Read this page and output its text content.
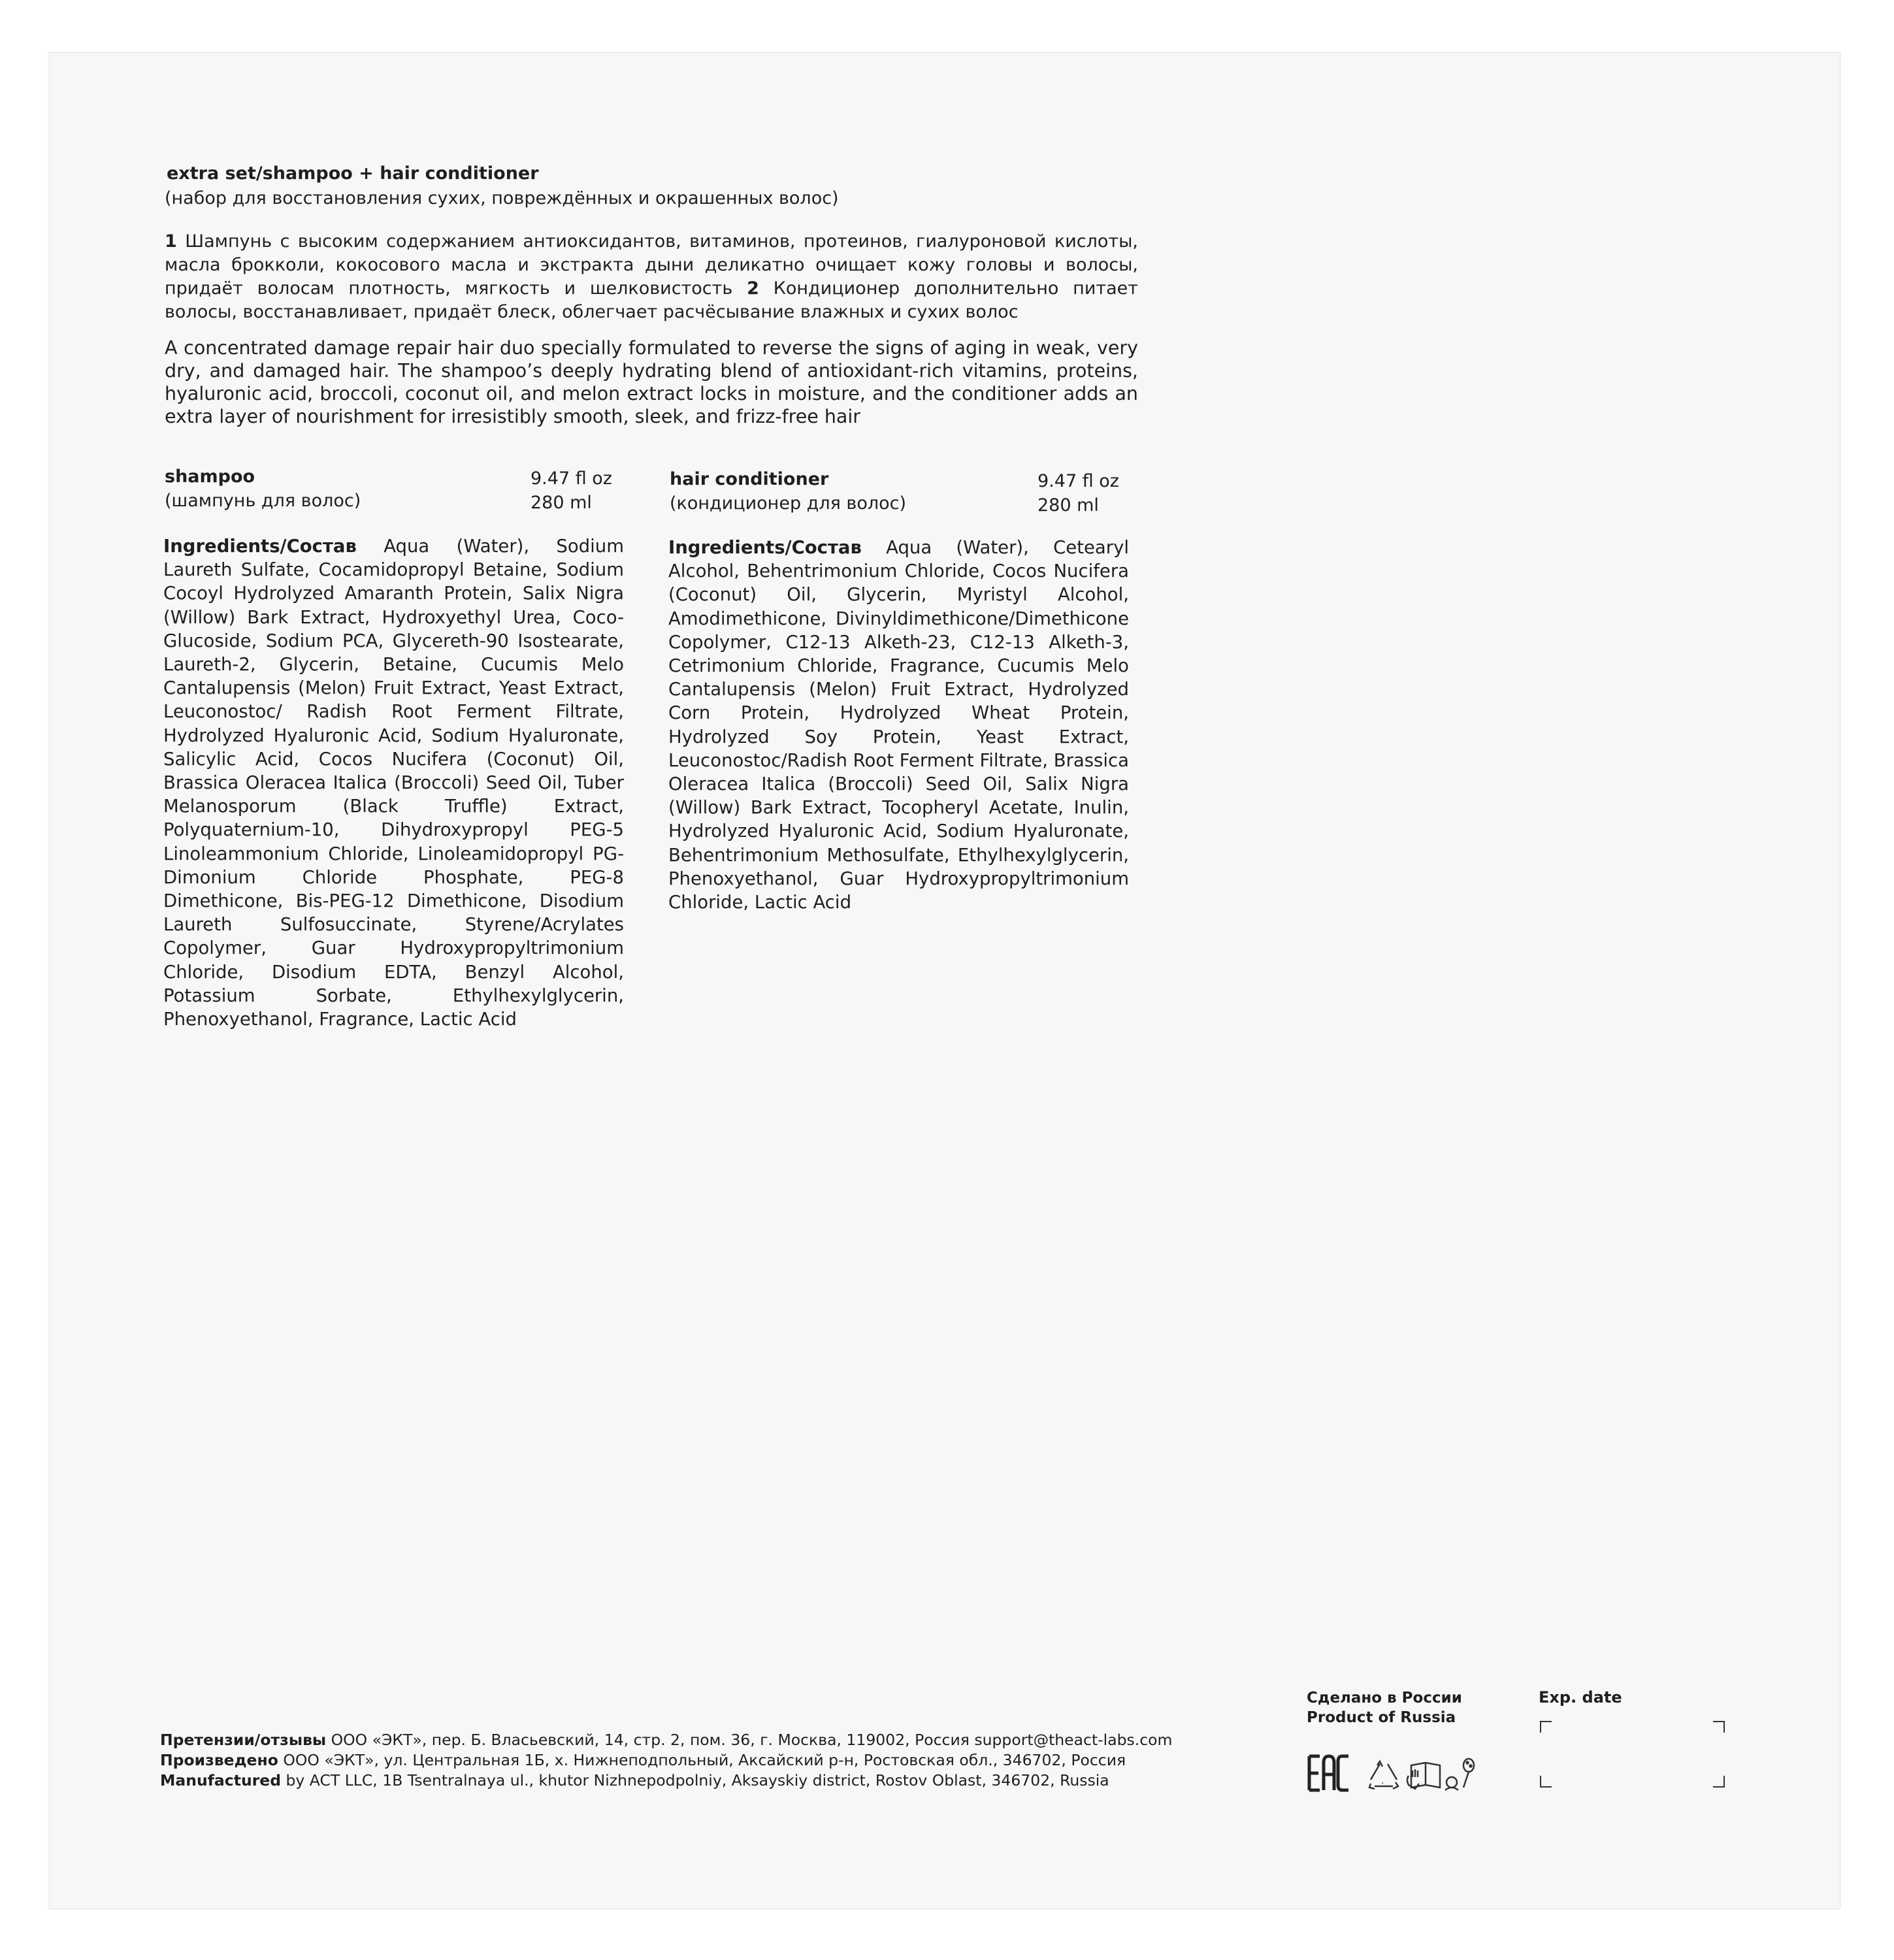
extra set/shampoo + hair conditioner
(набор для восстановления сухих, повреждённых и окрашенных волос)
1 Шампунь с высоким содержанием антиоксидантов, витаминов, протеинов, гиалуроновой кислоты, масла брокколи, кокосового масла и экстракта дыни деликатно очищает кожу головы и волосы, придаёт волосам плотность, мягкость и шелковистость 2 Кондиционер дополнительно питает волосы, восстанавливает, придаёт блеск, облегчает расчёсывание влажных и сухих волос
A concentrated damage repair hair duo specially formulated to reverse the signs of aging in weak, very dry, and damaged hair. The shampoo’s deeply hydrating blend of antioxidant-rich vitamins, proteins, hyaluronic acid, broccoli, coconut oil, and melon extract locks in moisture, and the conditioner adds an extra layer of nourishment for irresistibly smooth, sleek, and frizz-free hair
shampoo
(шампунь для волос)
9.47 fl oz
280 ml
Ingredients/Состав Aqua (Water), Sodium Laureth Sulfate, Cocamidopropyl Betaine, Sodium Cocoyl Hydrolyzed Amaranth Protein, Salix Nigra (Willow) Bark Extract, Hydroxyethyl Urea, Coco-Glucoside, Sodium PCA, Glycereth-90 Isostearate, Laureth-2, Glycerin, Betaine, Cucumis Melo Cantalupensis (Melon) Fruit Extract, Yeast Extract, Leuconostoc/ Radish Root Ferment Filtrate, Hydrolyzed Hyaluronic Acid, Sodium Hyaluronate, Salicylic Acid, Cocos Nucifera (Coconut) Oil, Brassica Oleracea Italica (Broccoli) Seed Oil, Tuber Melanosporum (Black Truffle) Extract, Polyquaternium-10, Dihydroxypropyl PEG-5 Linoleammonium Chloride, Linoleamidopropyl PG-Dimonium Chloride Phosphate, PEG-8 Dimethicone, Bis-PEG-12 Dimethicone, Disodium Laureth Sulfosuccinate, Styrene/Acrylates Copolymer, Guar Hydroxypropyltrimonium Chloride, Disodium EDTA, Benzyl Alcohol, Potassium Sorbate, Ethylhexylglycerin, Phenoxyethanol, Fragrance, Lactic Acid
hair conditioner
(кондиционер для волос)
9.47 fl oz
280 ml
Ingredients/Состав Aqua (Water), Cetearyl Alcohol, Behentrimonium Chloride, Cocos Nucifera (Coconut) Oil, Glycerin, Myristyl Alcohol, Amodimethicone, Divinyldimethicone/Dimethicone Copolymer, C12-13 Alketh-23, C12-13 Alketh-3, Cetrimonium Chloride, Fragrance, Cucumis Melo Cantalupensis (Melon) Fruit Extract, Hydrolyzed Corn Protein, Hydrolyzed Wheat Protein, Hydrolyzed Soy Protein, Yeast Extract, Leuconostoc/Radish Root Ferment Filtrate, Brassica Oleracea Italica (Broccoli) Seed Oil, Salix Nigra (Willow) Bark Extract, Tocopheryl Acetate, Inulin, Hydrolyzed Hyaluronic Acid, Sodium Hyaluronate, Behentrimonium Methosulfate, Ethylhexylglycerin, Phenoxyethanol, Guar Hydroxypropyltrimonium Chloride, Lactic Acid
Претензии/отзывы ООО «ЭКТ», пер. Б. Власьевский, 14, стр. 2, пом. 36, г. Москва, 119002, Россия support@theact-labs.com
Произведено ООО «ЭКТ», ул. Центральная 1Б, х. Нижнеподпольный, Аксайский р-н, Ростовская обл., 346702, Россия
Manufactured by ACT LLC, 1B Tsentralnaya ul., khutor Nizhnepodpolniy, Aksayskiy district, Rostov Oblast, 346702, Russia
Сделано в России
Product of Russia
Exp. date
.
